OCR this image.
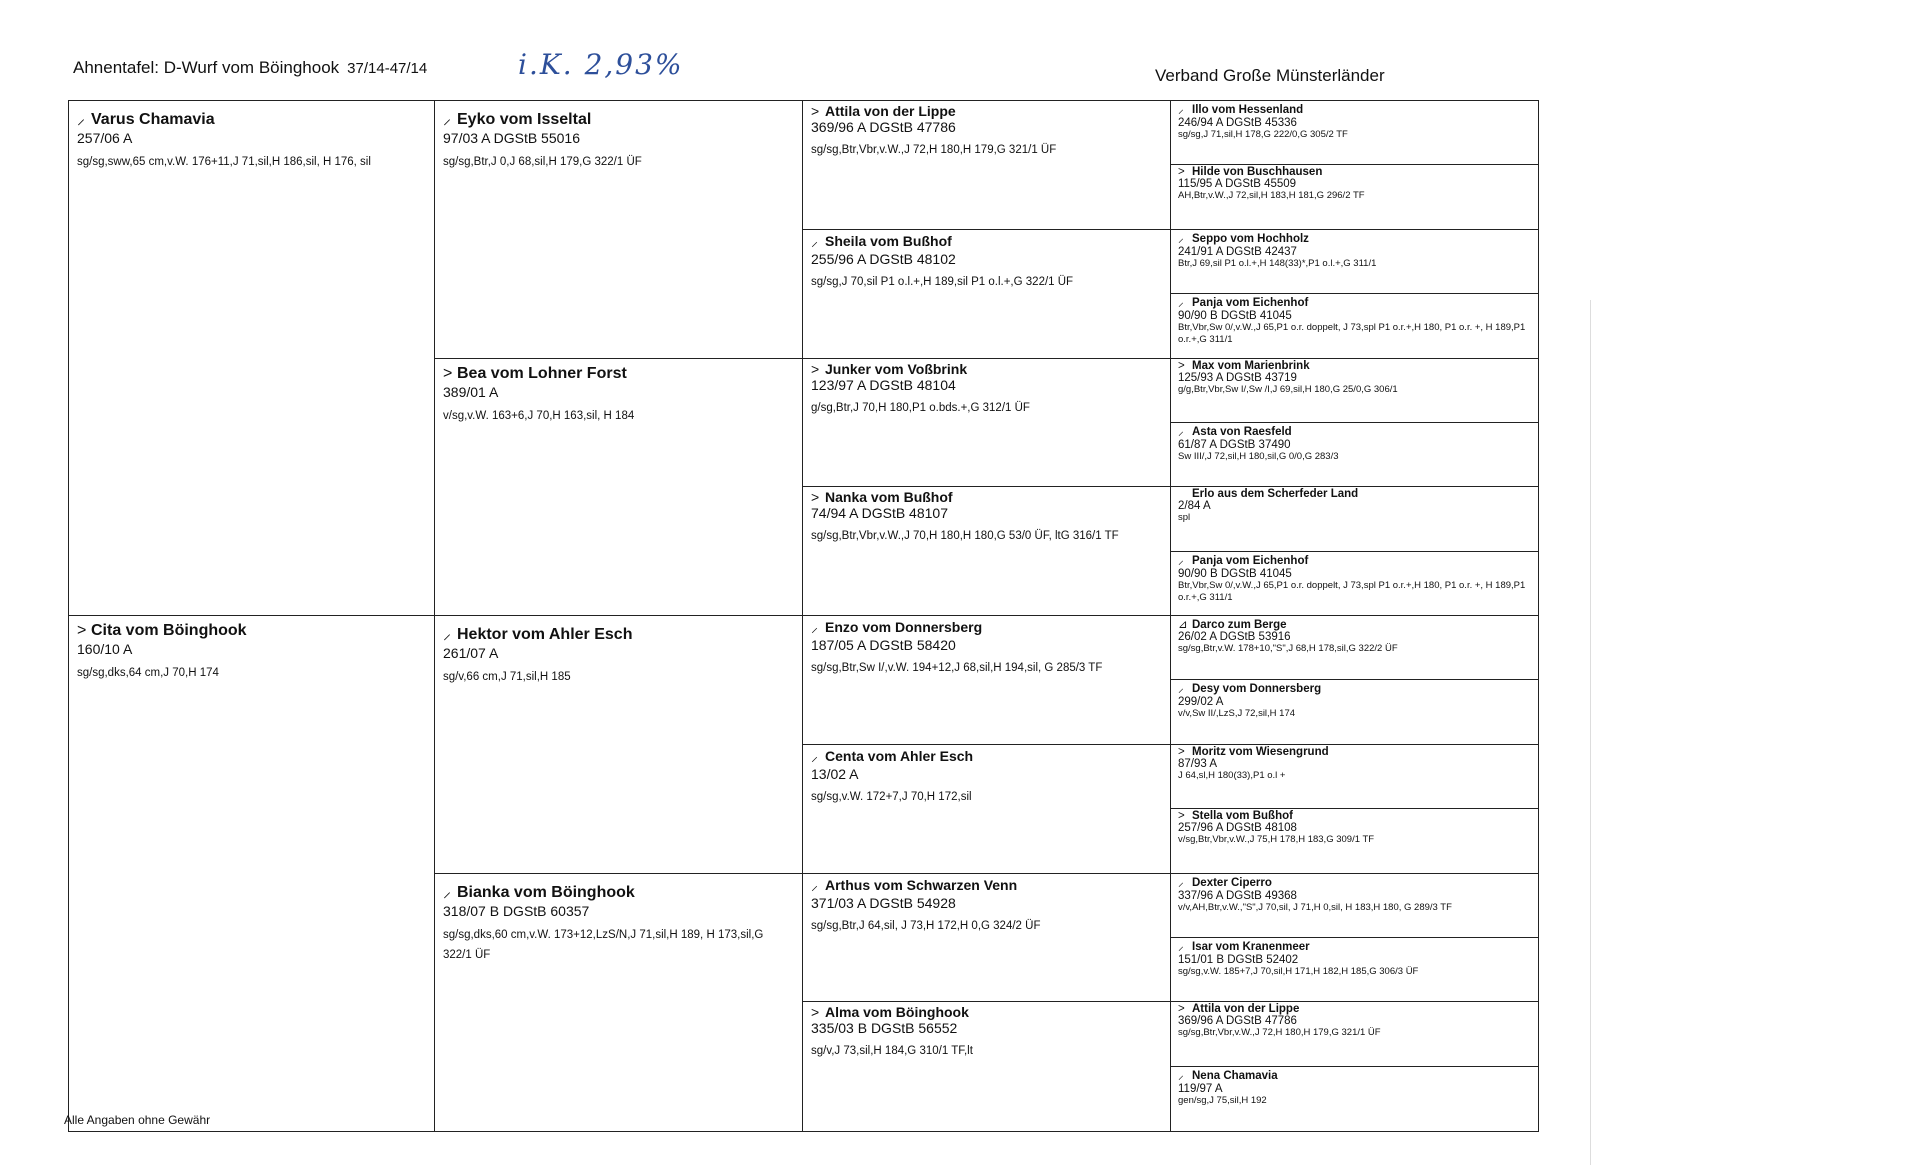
Ahnentafel: D-Wurf vom Böinghook 37/14-47/14	i.K. 2,93%	Verband Große Münsterländer
⸝ Varus Chamavia
257/06 A
sg/sg,sww,65 cm,v.W. 176+11,J 71,sil,H 186,sil, H 176, sil
> Cita vom Böinghook
160/10 A
sg/sg,dks,64 cm,J 70,H 174
⸝ Eyko vom Isseltal
97/03 A DGStB 55016
sg/sg,Btr,J 0,J 68,sil,H 179,G 322/1 ÜF
> Bea vom Lohner Forst
389/01 A
v/sg,v.W. 163+6,J 70,H 163,sil, H 184
⸝ Hektor vom Ahler Esch
261/07 A
sg/v,66 cm,J 71,sil,H 185
⸝ Bianka vom Böinghook
318/07 B DGStB 60357
sg/sg,dks,60 cm,v.W. 173+12,LzS/N,J 71,sil,H 189, H 173,sil,G 322/1 ÜF
> Attila von der Lippe
369/96 A DGStB 47786
sg/sg,Btr,Vbr,v.W.,J 72,H 180,H 179,G 321/1 ÜF
⸝ Sheila vom Bußhof
255/96 A DGStB 48102
sg/sg,J 70,sil P1 o.l.+,H 189,sil P1 o.l.+,G 322/1 ÜF
> Junker vom Voßbrink
123/97 A DGStB 48104
g/sg,Btr,J 70,H 180,P1 o.bds.+,G 312/1 ÜF
> Nanka vom Bußhof
74/94 A DGStB 48107
sg/sg,Btr,Vbr,v.W.,J 70,H 180,H 180,G 53/0 ÜF, ltG 316/1 TF
⸝ Enzo vom Donnersberg
187/05 A DGStB 58420
sg/sg,Btr,Sw I/,v.W. 194+12,J 68,sil,H 194,sil, G 285/3 TF
⸝ Centa vom Ahler Esch
13/02 A
sg/sg,v.W. 172+7,J 70,H 172,sil
⸝ Arthus vom Schwarzen Venn
371/03 A DGStB 54928
sg/sg,Btr,J 64,sil, J 73,H 172,H 0,G 324/2 ÜF
> Alma vom Böinghook
335/03 B DGStB 56552
sg/v,J 73,sil,H 184,G 310/1 TF,lt
⸝ Illo vom Hessenland
246/94 A DGStB 45336
sg/sg,J 71,sil,H 178,G 222/0,G 305/2 TF
> Hilde von Buschhausen
115/95 A DGStB 45509
AH,Btr,v.W.,J 72,sil,H 183,H 181,G 296/2 TF
⸝ Seppo vom Hochholz
241/91 A DGStB 42437
Btr,J 69,sil P1 o.l.+,H 148(33)*,P1 o.l.+,G 311/1
⸝ Panja vom Eichenhof
90/90 B DGStB 41045
Btr,Vbr,Sw 0/,v.W.,J 65,P1 o.r. doppelt, J 73,spl P1 o.r.+,H 180, P1 o.r. +, H 189,P1 o.r.+,G 311/1
> Max vom Marienbrink
125/93 A DGStB 43719
g/g,Btr,Vbr,Sw I/,Sw /I,J 69,sil,H 180,G 25/0,G 306/1
⸝ Asta von Raesfeld
61/87 A DGStB 37490
Sw III/,J 72,sil,H 180,sil,G 0/0,G 283/3
Erlo aus dem Scherfeder Land
2/84 A
spl
⸝ Panja vom Eichenhof
90/90 B DGStB 41045
Btr,Vbr,Sw 0/,v.W.,J 65,P1 o.r. doppelt, J 73,spl P1 o.r.+,H 180, P1 o.r. +, H 189,P1 o.r.+,G 311/1
⊿ Darco zum Berge
26/02 A DGStB 53916
sg/sg,Btr,v.W. 178+10,"S",J 68,H 178,sil,G 322/2 ÜF
⸝ Desy vom Donnersberg
299/02 A
v/v,Sw II/,LzS,J 72,sil,H 174
> Moritz vom Wiesengrund
87/93 A
J 64,sl,H 180(33),P1 o.l +
> Stella vom Bußhof
257/96 A DGStB 48108
v/sg,Btr,Vbr,v.W.,J 75,H 178,H 183,G 309/1 TF
⸝ Dexter Ciperro
337/96 A DGStB 49368
v/v,AH,Btr,v.W.,"S",J 70,sil, J 71,H 0,sil, H 183,H 180, G 289/3 TF
⸝ Isar vom Kranenmeer
151/01 B DGStB 52402
sg/sg,v.W. 185+7,J 70,sil,H 171,H 182,H 185,G 306/3 ÜF
> Attila von der Lippe
369/96 A DGStB 47786
sg/sg,Btr,Vbr,v.W.,J 72,H 180,H 179,G 321/1 ÜF
⸝ Nena Chamavia
119/97 A
gen/sg,J 75,sil,H 192
Alle Angaben ohne Gewähr
